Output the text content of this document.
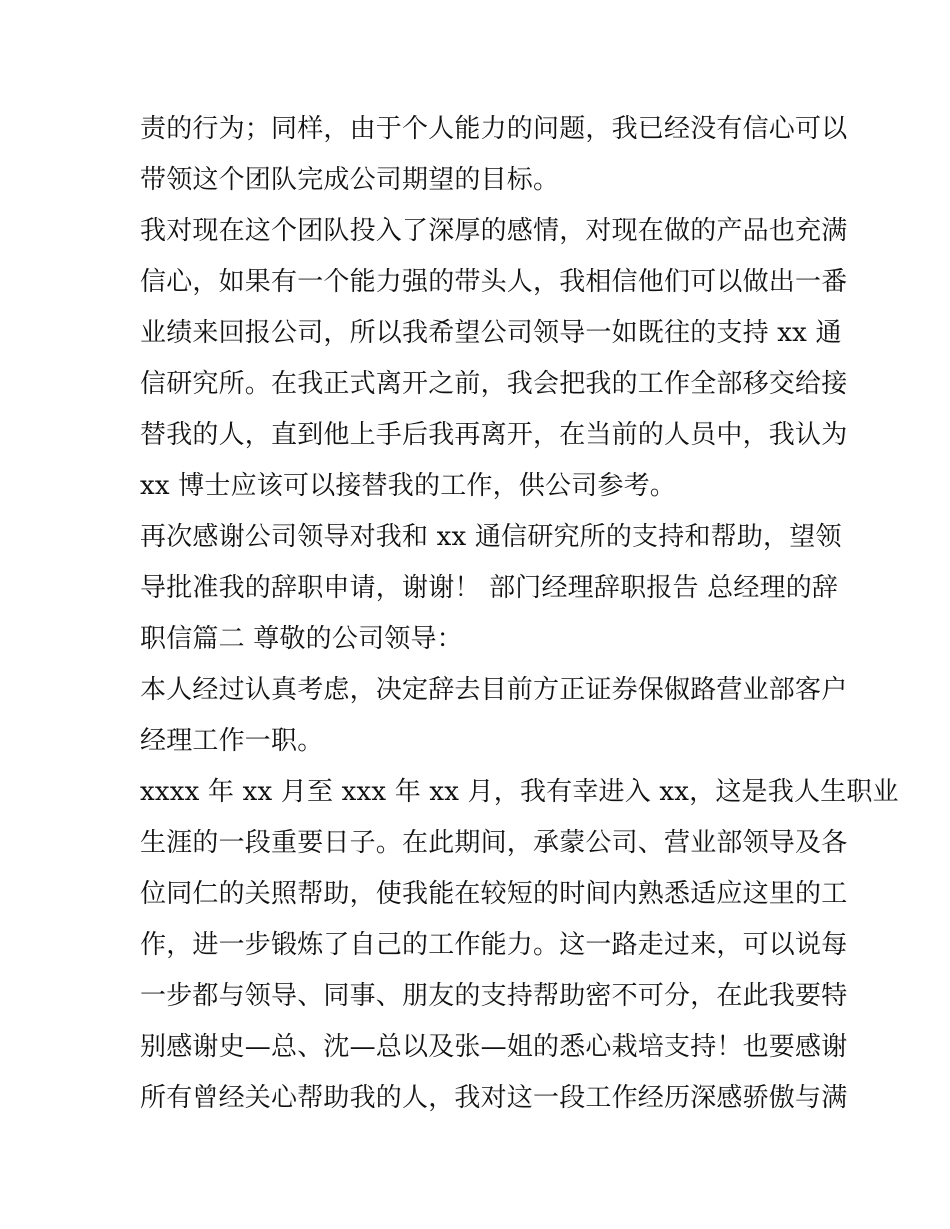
责的行为；同样，由于个人能力的问题，我已经没有信心可以
带领这个团队完成公司期望的目标。
我对现在这个团队投入了深厚的感情，对现在做的产品也充满
信心，如果有一个能力强的带头人，我相信他们可以做出一番
业绩来回报公司，所以我希望公司领导一如既往的支持 xx 通
信研究所。在我正式离开之前，我会把我的工作全部移交给接
替我的人，直到他上手后我再离开，在当前的人员中，我认为
xx 博士应该可以接替我的工作，供公司参考。
再次感谢公司领导对我和 xx 通信研究所的支持和帮助，望领
导批准我的辞职申请，谢谢！ 部门经理辞职报告 总经理的辞
职信篇二 尊敬的公司领导：
本人经过认真考虑，决定辞去目前方正证券保俶路营业部客户
经理工作一职。
xxxx 年 xx 月至 xxx 年 xx 月，我有幸进入 xx，这是我人生职业
生涯的一段重要日子。在此期间，承蒙公司、营业部领导及各
位同仁的关照帮助，使我能在较短的时间内熟悉适应这里的工
作，进一步锻炼了自己的工作能力。这一路走过来，可以说每
一步都与领导、同事、朋友的支持帮助密不可分，在此我要特
别感谢史—总、沈—总以及张—姐的悉心栽培支持！也要感谢
所有曾经关心帮助我的人，我对这一段工作经历深感骄傲与满
